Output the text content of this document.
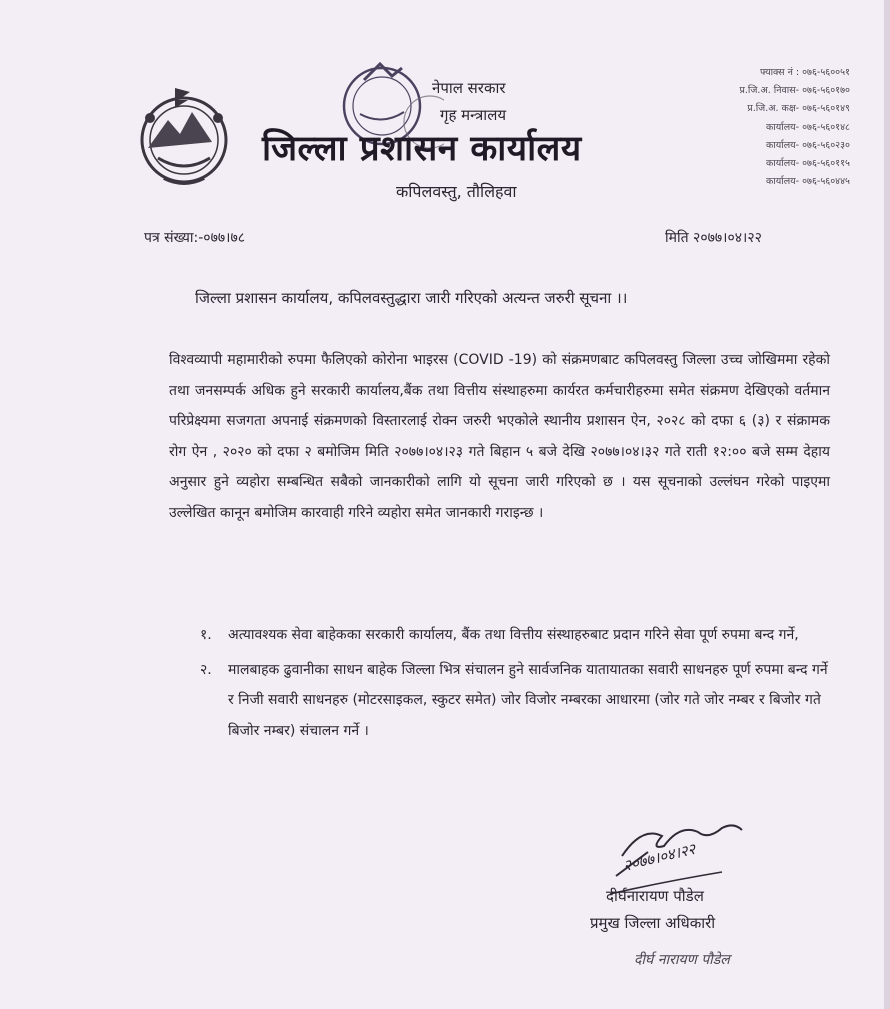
नेपाल सरकार
गृह मन्त्रालय
जिल्ला प्रशासन कार्यालय
कपिलवस्तु, तौलिहवा
फ्याक्स नं : ०७६-५६००५१
प्र.जि.अ. निवास- ०७६-५६०१७०
प्र.जि.अ. कक्ष- ०७६-५६०१४९
कार्यालय- ०७६-५६०१४८
कार्यालय- ०७६-५६०२३०
कार्यालय- ०७६-५६०११५
कार्यालय- ०७६-५६०४४५
पत्र संख्या:-०७७।७८	मिति २०७७।०४।२२
जिल्ला प्रशासन कार्यालय, कपिलवस्तुद्धारा जारी गरिएको अत्यन्त जरुरी सूचना ।।
विश्वव्यापी महामारीको रुपमा फैलिएको कोरोना भाइरस (COVID -19) को संक्रमणबाट कपिलवस्तु जिल्ला उच्च जोखिममा रहेको तथा जनसम्पर्क अधिक हुने सरकारी कार्यालय,बैंक तथा वित्तीय संस्थाहरुमा कार्यरत कर्मचारीहरुमा समेत संक्रमण देखिएको वर्तमान परिप्रेक्ष्यमा सजगता अपनाई संक्रमणको विस्तारलाई रोक्न जरुरी भएकोले स्थानीय प्रशासन ऐन, २०२८ को दफा ६ (३) र संक्रामक रोग ऐन , २०२० को दफा २ बमोजिम मिति २०७७।०४।२३ गते बिहान ५ बजे देखि २०७७।०४।३२ गते राती १२:०० बजे सम्म देहाय अनुसार हुने व्यहोरा सम्बन्धित सबैको जानकारीको लागि यो सूचना जारी गरिएको छ । यस सूचनाको उल्लंघन गरेको पाइएमा उल्लेखित कानून बमोजिम कारवाही गरिने व्यहोरा समेत जानकारी गराइन्छ ।
१. अत्यावश्यक सेवा बाहेकका सरकारी कार्यालय, बैंक तथा वित्तीय संस्थाहरुबाट प्रदान गरिने सेवा पूर्ण रुपमा बन्द गर्ने,
२. मालबाहक ढुवानीका साधन बाहेक जिल्ला भित्र संचालन हुने सार्वजनिक यातायातका सवारी साधनहरु पूर्ण रुपमा बन्द गर्ने र निजी सवारी साधनहरु (मोटरसाइकल, स्कुटर समेत) जोर विजोर नम्बरका आधारमा (जोर गते जोर नम्बर र बिजोर गते बिजोर नम्बर) संचालन गर्ने ।
२०७७।०४।२२
दीर्घनारायण पौडेल
प्रमुख जिल्ला अधिकारी
दीर्घ नारायण पौडेल
